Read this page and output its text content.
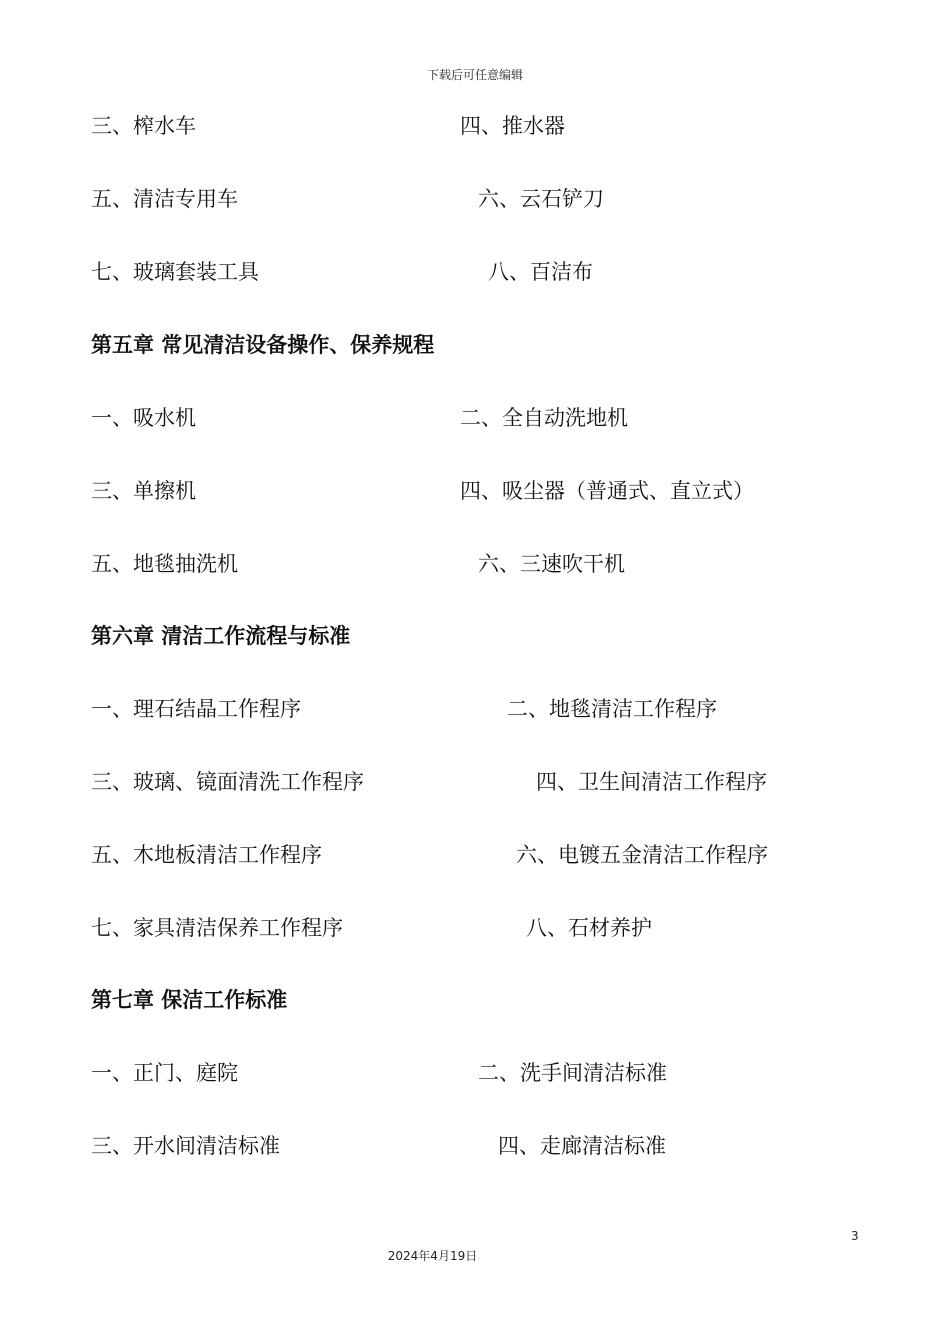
下载后可任意编辑
三、榨水车	四、推水器
五、清洁专用车	六、云石铲刀
七、玻璃套装工具	八、百洁布
第五章 常见清洁设备操作、保养规程
一、吸水机	二、全自动洗地机
三、单擦机	四、吸尘器（普通式、直立式）
五、地毯抽洗机	六、三速吹干机
第六章 清洁工作流程与标准
一、理石结晶工作程序	二、地毯清洁工作程序
三、玻璃、镜面清洗工作程序	四、卫生间清洁工作程序
五、木地板清洁工作程序	六、电镀五金清洁工作程序
七、家具清洁保养工作程序	八、石材养护
第七章 保洁工作标准
一、正门、庭院	二、洗手间清洁标准
三、开水间清洁标准	四、走廊清洁标准
3
2024年4月19日
